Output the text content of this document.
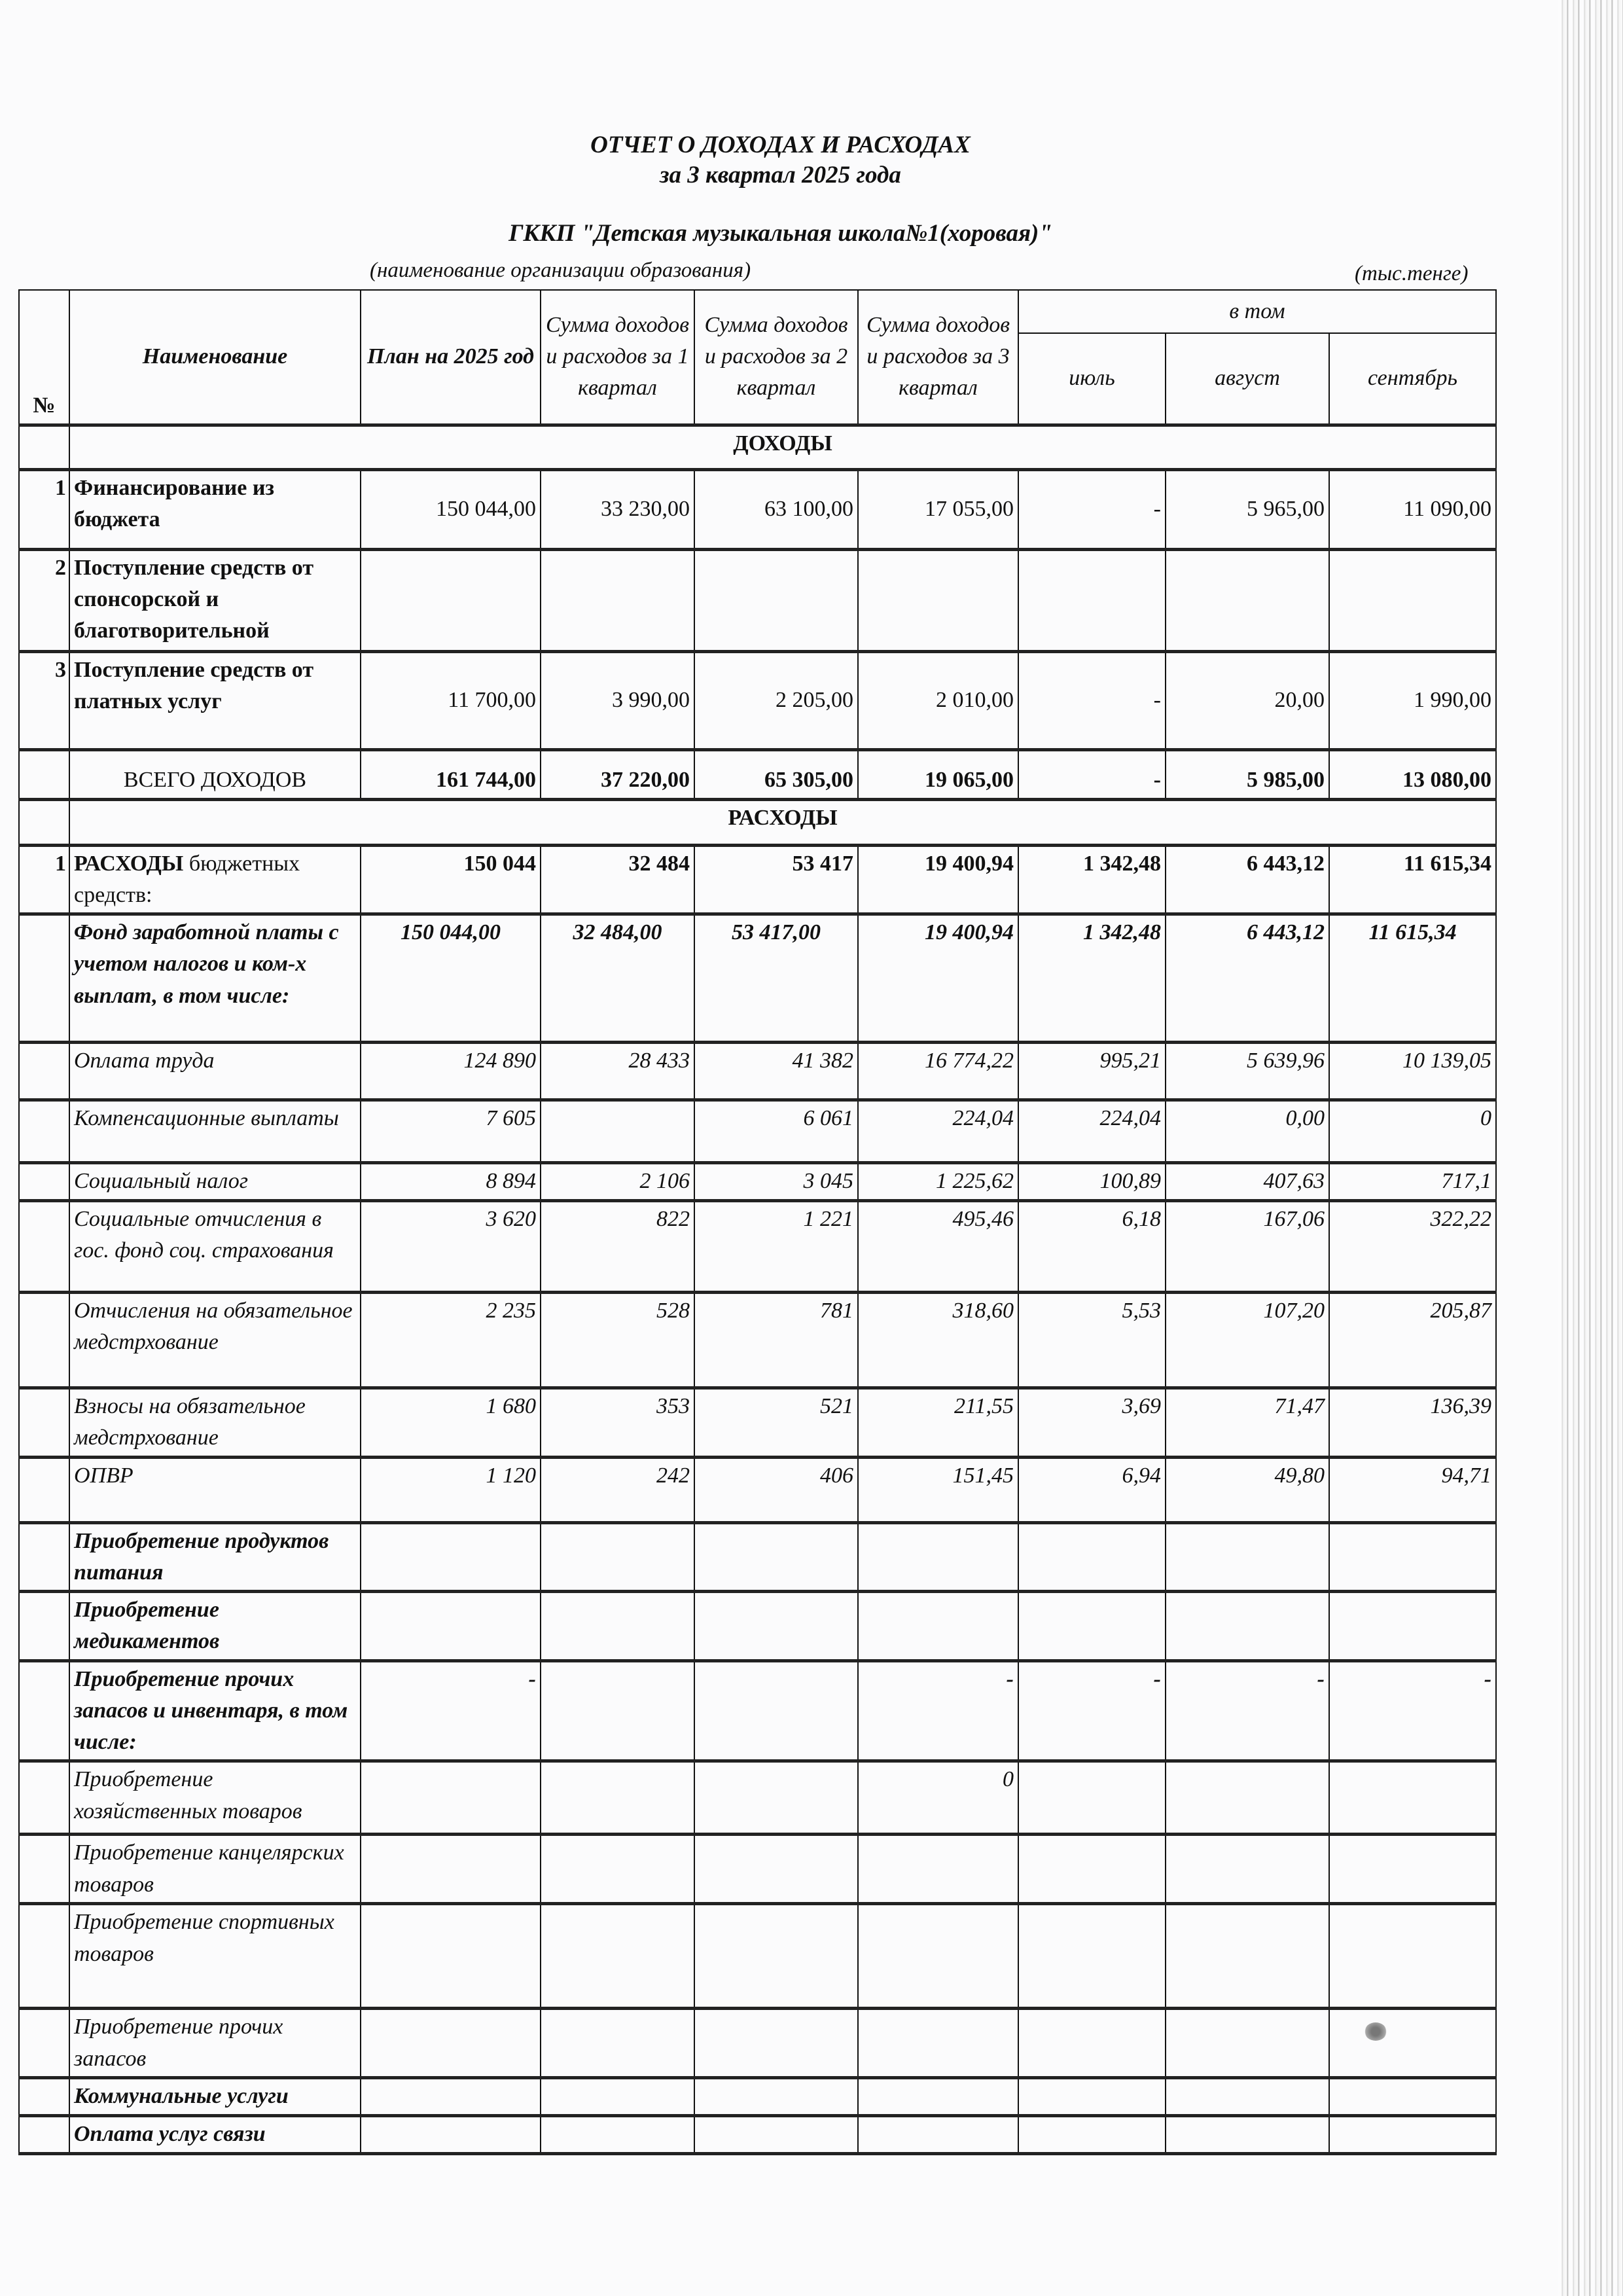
ОТЧЕТ О ДОХОДАХ И РАСХОДАХ
за 3 квартал 2025 года
ГККП "Детская музыкальная школа№1(хоровая)"
(наименование организации образования)	(тыс.тенге)
№	Наименование	План на 2025 год	Сумма доходов и расходов за 1 квартал	Сумма доходов и расходов за 2 квартал	Сумма доходов и расходов за 3 квартал	в том		
						июль	август	сентябрь
	ДОХОДЫ							
1	Финансирование из бюджета	150 044,00	33 230,00	63 100,00	17 055,00	-	5 965,00	11 090,00
2	Поступление средств от спонсорской и благотворительной							
3	Поступление средств от платных услуг	11 700,00	3 990,00	2 205,00	2 010,00	-	20,00	1 990,00
	ВСЕГО ДОХОДОВ	161 744,00	37 220,00	65 305,00	19 065,00	-	5 985,00	13 080,00
	РАСХОДЫ							
1	РАСХОДЫ бюджетных средств:	150 044	32 484	53 417	19 400,94	1 342,48	6 443,12	11 615,34
	Фонд заработной платы с учетом налогов и ком-х выплат, в том числе:	150 044,00	32 484,00	53 417,00	19 400,94	1 342,48	6 443,12	11 615,34
	Оплата труда	124 890	28 433	41 382	16 774,22	995,21	5 639,96	10 139,05
	Компенсационные выплаты	7 605		6 061	224,04	224,04	0,00	0
	Социальный налог	8 894	2 106	3 045	1 225,62	100,89	407,63	717,1
	Социальные отчисления в гос. фонд соц. страхования	3 620	822	1 221	495,46	6,18	167,06	322,22
	Отчисления на обязательное медстрхование	2 235	528	781	318,60	5,53	107,20	205,87
	Взносы на обязательное медстрхование	1 680	353	521	211,55	3,69	71,47	136,39
	ОПВР	1 120	242	406	151,45	6,94	49,80	94,71
	Приобретение продуктов питания							
	Приобретение медикаментов							
	Приобретение прочих запасов и инвентаря, в том числе:	-			-	-	-	-
	Приобретение хозяйственных товаров				0			
	Приобретение канцелярских товаров							
	Приобретение спортивных товаров							
	Приобретение прочих запасов							
	Коммунальные услуги							
	Оплата услуг связи							
